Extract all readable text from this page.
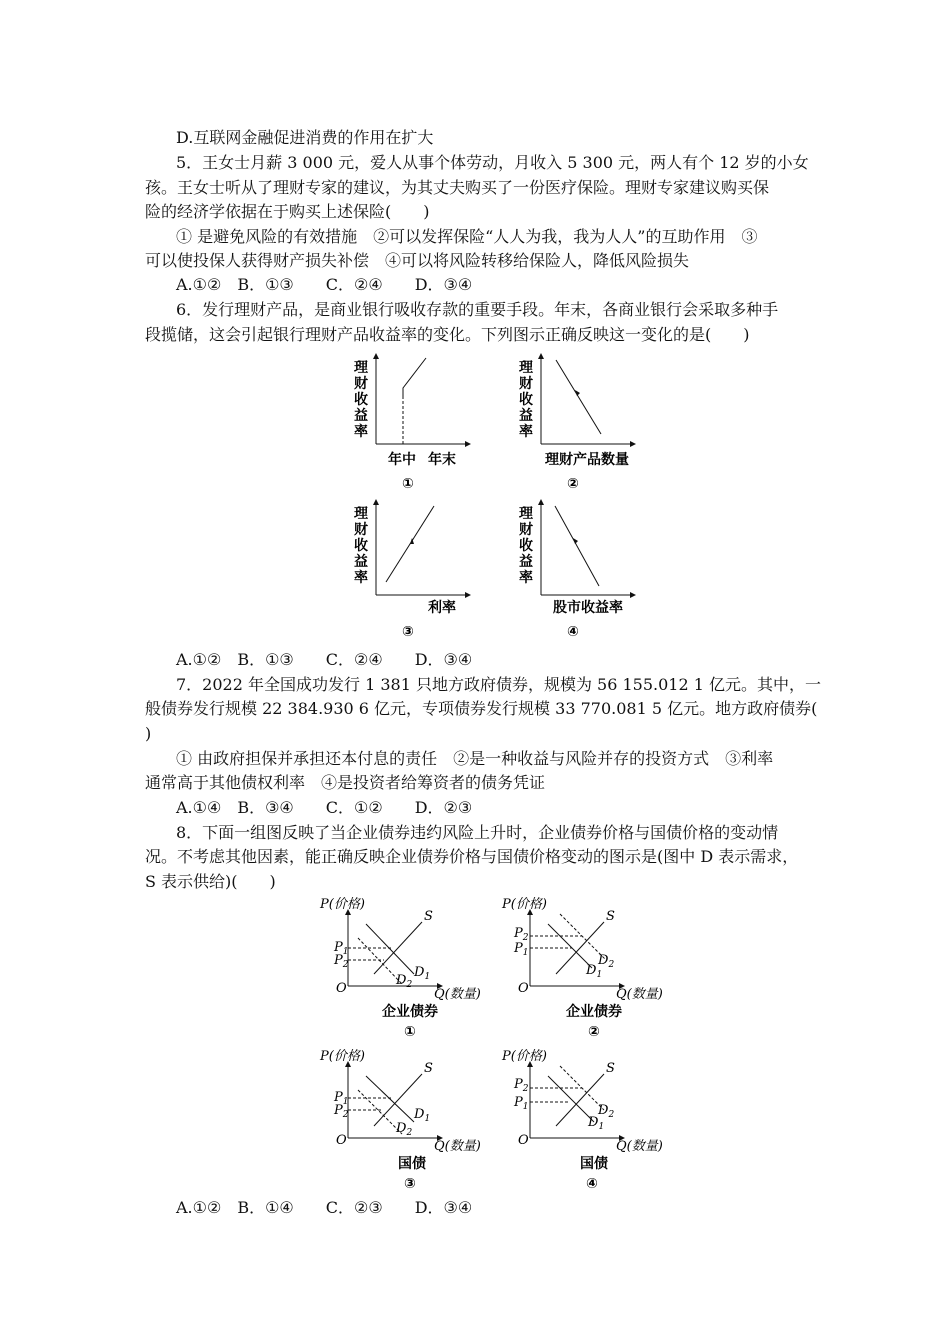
D.互联网金融促进消费的作用在扩大
5．王女士月薪 3 000 元，爱人从事个体劳动，月收入 5 300 元，两人有个 12 岁的小女
孩。王女士听从了理财专家的建议，为其丈夫购买了一份医疗保险。理财专家建议购买保
险的经济学依据在于购买上述保险(　　)
① 是避免风险的有效措施　②可以发挥保险“人人为我，我为人人”的互助作用　③
可以使投保人获得财产损失补偿　④可以将风险转移给保险人，降低风险损失
A.①②　B．①③　　C．②④　　D．③④
6．发行理财产品，是商业银行吸收存款的重要手段。年末，各商业银行会采取多种手
段揽储，这会引起银行理财产品收益率的变化。下列图示正确反映这一变化的是(　　)
理
财
收
益
率
年中 年末
①
理
财
收
益
率
理财产品数量
②
理
财
收
益
率
利率
③
理
财
收
益
率
股市收益率
④
A.①②　B．①③　　C．②④　　D．③④
7．2022 年全国成功发行 1 381 只地方政府债券，规模为 56 155.012 1 亿元。其中，一
般债券发行规模 22 384.930 6 亿元，专项债券发行规模 33 770.081 5 亿元。地方政府债券(
)
① 由政府担保并承担还本付息的责任　②是一种收益与风险并存的投资方式　③利率
通常高于其他债权利率　④是投资者给筹资者的债务凭证
A.①④　B．③④　　C．①②　　D．②③
8．下面一组图反映了当企业债券违约风险上升时，企业债券价格与国债价格的变动情
况。不考虑其他因素，能正确反映企业债券价格与国债价格变动的图示是(图中 D 表示需求，
S 表示供给)(　　)
P(价格)
O	Q(数量)
S
$P_1$
$P_2$	$D_1$
$D_2$
企业债券
①
P(价格)
O	Q(数量)
S
$P_2$
$P_1$	$D_2$
$D_1$
企业债券
②
P(价格)
O	Q(数量)
S
$P_1$
$P_2$	$D_1$
$D_2$
国债
③
P(价格)
O	Q(数量)
S
$P_2$
$P_1$	$D_2$
$D_1$
国债
④
A.①②　B．①④　　C．②③　　D．③④
